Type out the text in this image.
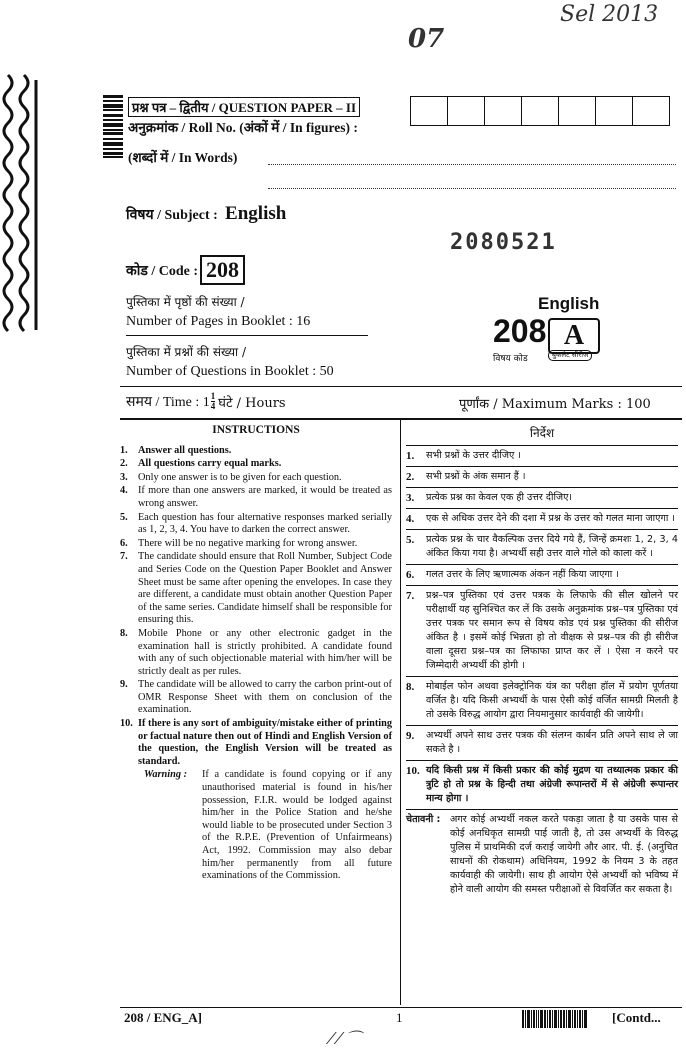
Sel 2013
07
प्रश्न पत्र – द्वितीय / QUESTION PAPER – II
अनुक्रमांक / Roll No. (अंकों में / In figures) :
(शब्दों में / In Words)
विषय / Subject : English
2080521
कोड / Code : 208
पुस्तिका में पृष्ठों की संख्या /
Number of Pages in Booklet : 16
पुस्तिका में प्रश्नों की संख्या /
Number of Questions in Booklet : 50
English
208 A
विषय कोड	बुकलेट सीरीज
समय / Time : $1 \frac{1}{4}$ घंटे / Hours	पूर्णांक / Maximum Marks : 100
INSTRUCTIONS
1. Answer all questions.
2. All questions carry equal marks.
3. Only one answer is to be given for each question.
4. If more than one answers are marked, it would be treated as wrong answer.
5. Each question has four alternative responses marked serially as 1, 2, 3, 4. You have to darken the correct answer.
6. There will be no negative marking for wrong answer.
7. The candidate should ensure that Roll Number, Subject Code and Series Code on the Question Paper Booklet and Answer Sheet must be same after opening the envelopes. In case they are different, a candidate must obtain another Question Paper of the same series. Candidate himself shall be responsible for ensuring this.
8. Mobile Phone or any other electronic gadget in the examination hall is strictly prohibited. A candidate found with any of such objectionable material with him/her will be strictly dealt as per rules.
9. The candidate will be allowed to carry the carbon print-out of OMR Response Sheet with them on conclusion of the examination.
10. If there is any sort of ambiguity/mistake either of printing or factual nature then out of Hindi and English Version of the question, the English Version will be treated as standard.
Warning :	If a candidate is found copying or if any unauthorised material is found in his/her possession, F.I.R. would be lodged against him/her in the Police Station and he/she would liable to be prosecuted under Section 3 of the R.P.E. (Prevention of Unfairmeans) Act, 1992. Commission may also debar him/her permanently from all future examinations of the Commission.
निर्देश
1.	सभी प्रश्नों के उत्तर दीजिए ।
2.	सभी प्रश्नों के अंक समान हैं ।
3.	प्रत्येक प्रश्न का केवल एक ही उत्तर दीजिए।
4.	एक से अधिक उत्तर देने की दशा में प्रश्न के उत्तर को गलत माना जाएगा ।
5.	प्रत्येक प्रश्न के चार वैकल्पिक उत्तर दिये गये हैं, जिन्हें क्रमशः 1, 2, 3, 4 अंकित किया गया है। अभ्यर्थी सही उत्तर वाले गोले को काला करें ।
6.	गलत उत्तर के लिए ऋणात्मक अंकन नहीं किया जाएगा ।
7.	प्रश्न–पत्र पुस्तिका एवं उत्तर पत्रक के लिफाफे की सील खोलने पर परीक्षार्थी यह सुनिश्चित कर लें कि उसके अनुक्रमांक प्रश्न–पत्र पुस्तिका एवं उत्तर पत्रक पर समान रूप से विषय कोड एवं प्रश्न पुस्तिका की सीरीज अंकित है । इसमें कोई भिन्नता हो तो वीक्षक से प्रश्न–पत्र की ही सीरीज वाला दूसरा प्रश्न–पत्र का लिफाफा प्राप्त कर लें । ऐसा न करने पर जिम्मेदारी अभ्यर्थी की होगी ।
8.	मोबाईल फोन अथवा इलेक्ट्रोनिक यंत्र का परीक्षा हॉल में प्रयोग पूर्णतया वर्जित है। यदि किसी अभ्यर्थी के पास ऐसी कोई वर्जित सामग्री मिलती है तो उसके विरुद्ध आयोग द्वारा नियमानुसार कार्यवाही की जायेगी।
9.	अभ्यर्थी अपने साथ उत्तर पत्रक की संलग्न कार्बन प्रति अपने साथ ले जा सकते है ।
10. यदि किसी प्रश्न में किसी प्रकार की कोई मुद्रण या तथ्यात्मक प्रकार की त्रुटि हो तो प्रश्न के हिन्दी तथा अंग्रेजी रूपान्तरों में से अंग्रेजी रूपान्तर मान्य होगा ।
चेतावनी :	अगर कोई अभ्यर्थी नकल करते पकड़ा जाता है या उसके पास से कोई अनधिकृत सामग्री पाई जाती है, तो उस अभ्यर्थी के विरुद्ध पुलिस में प्राथमिकी दर्ज कराई जायेगी और आर. पी. ई. (अनुचित साधनों की रोकथाम) अधिनियम, 1992 के नियम 3 के तहत कार्यवाही की जायेगी। साथ ही आयोग ऐसे अभ्यर्थी को भविष्य में होने वाली आयोग की समस्त परीक्षाओं से विवर्जित कर सकता है।
208 / ENG_A]	1	[Contd...
⁄ ⁄ ⌒
